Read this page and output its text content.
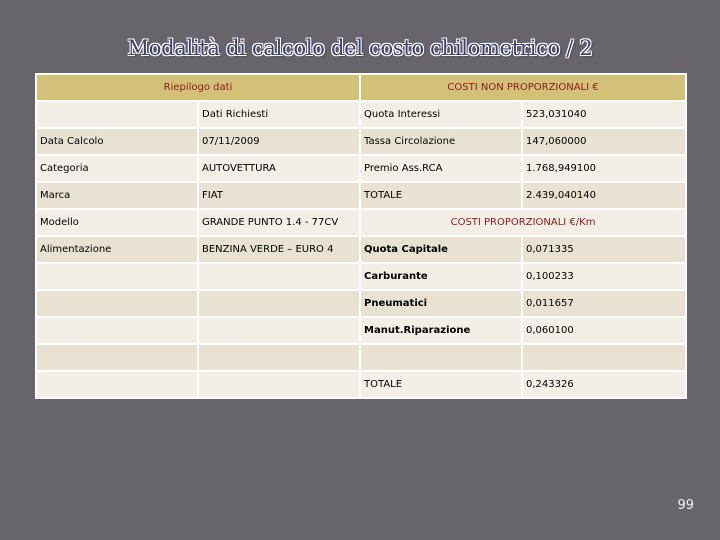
Modalità di calcolo del costo chilometrico / 2
Riepilogo dati		COSTI NON PROPORZIONALI €	
	Dati Richiesti	Quota Interessi	523,031040
Data Calcolo	07/11/2009	Tassa Circolazione	147,060000
Categoria	AUTOVETTURA	Premio Ass.RCA	1.768,949100
Marca	FIAT	TOTALE	2.439,040140
Modello	GRANDE PUNTO 1.4 - 77CV	COSTI PROPORZIONALI €/Km	
Alimentazione	BENZINA VERDE – EURO 4	Quota Capitale	0,071335
		Carburante	0,100233
		Pneumatici	0,011657
		Manut.Riparazione	0,060100

		TOTALE	0,243326
99
